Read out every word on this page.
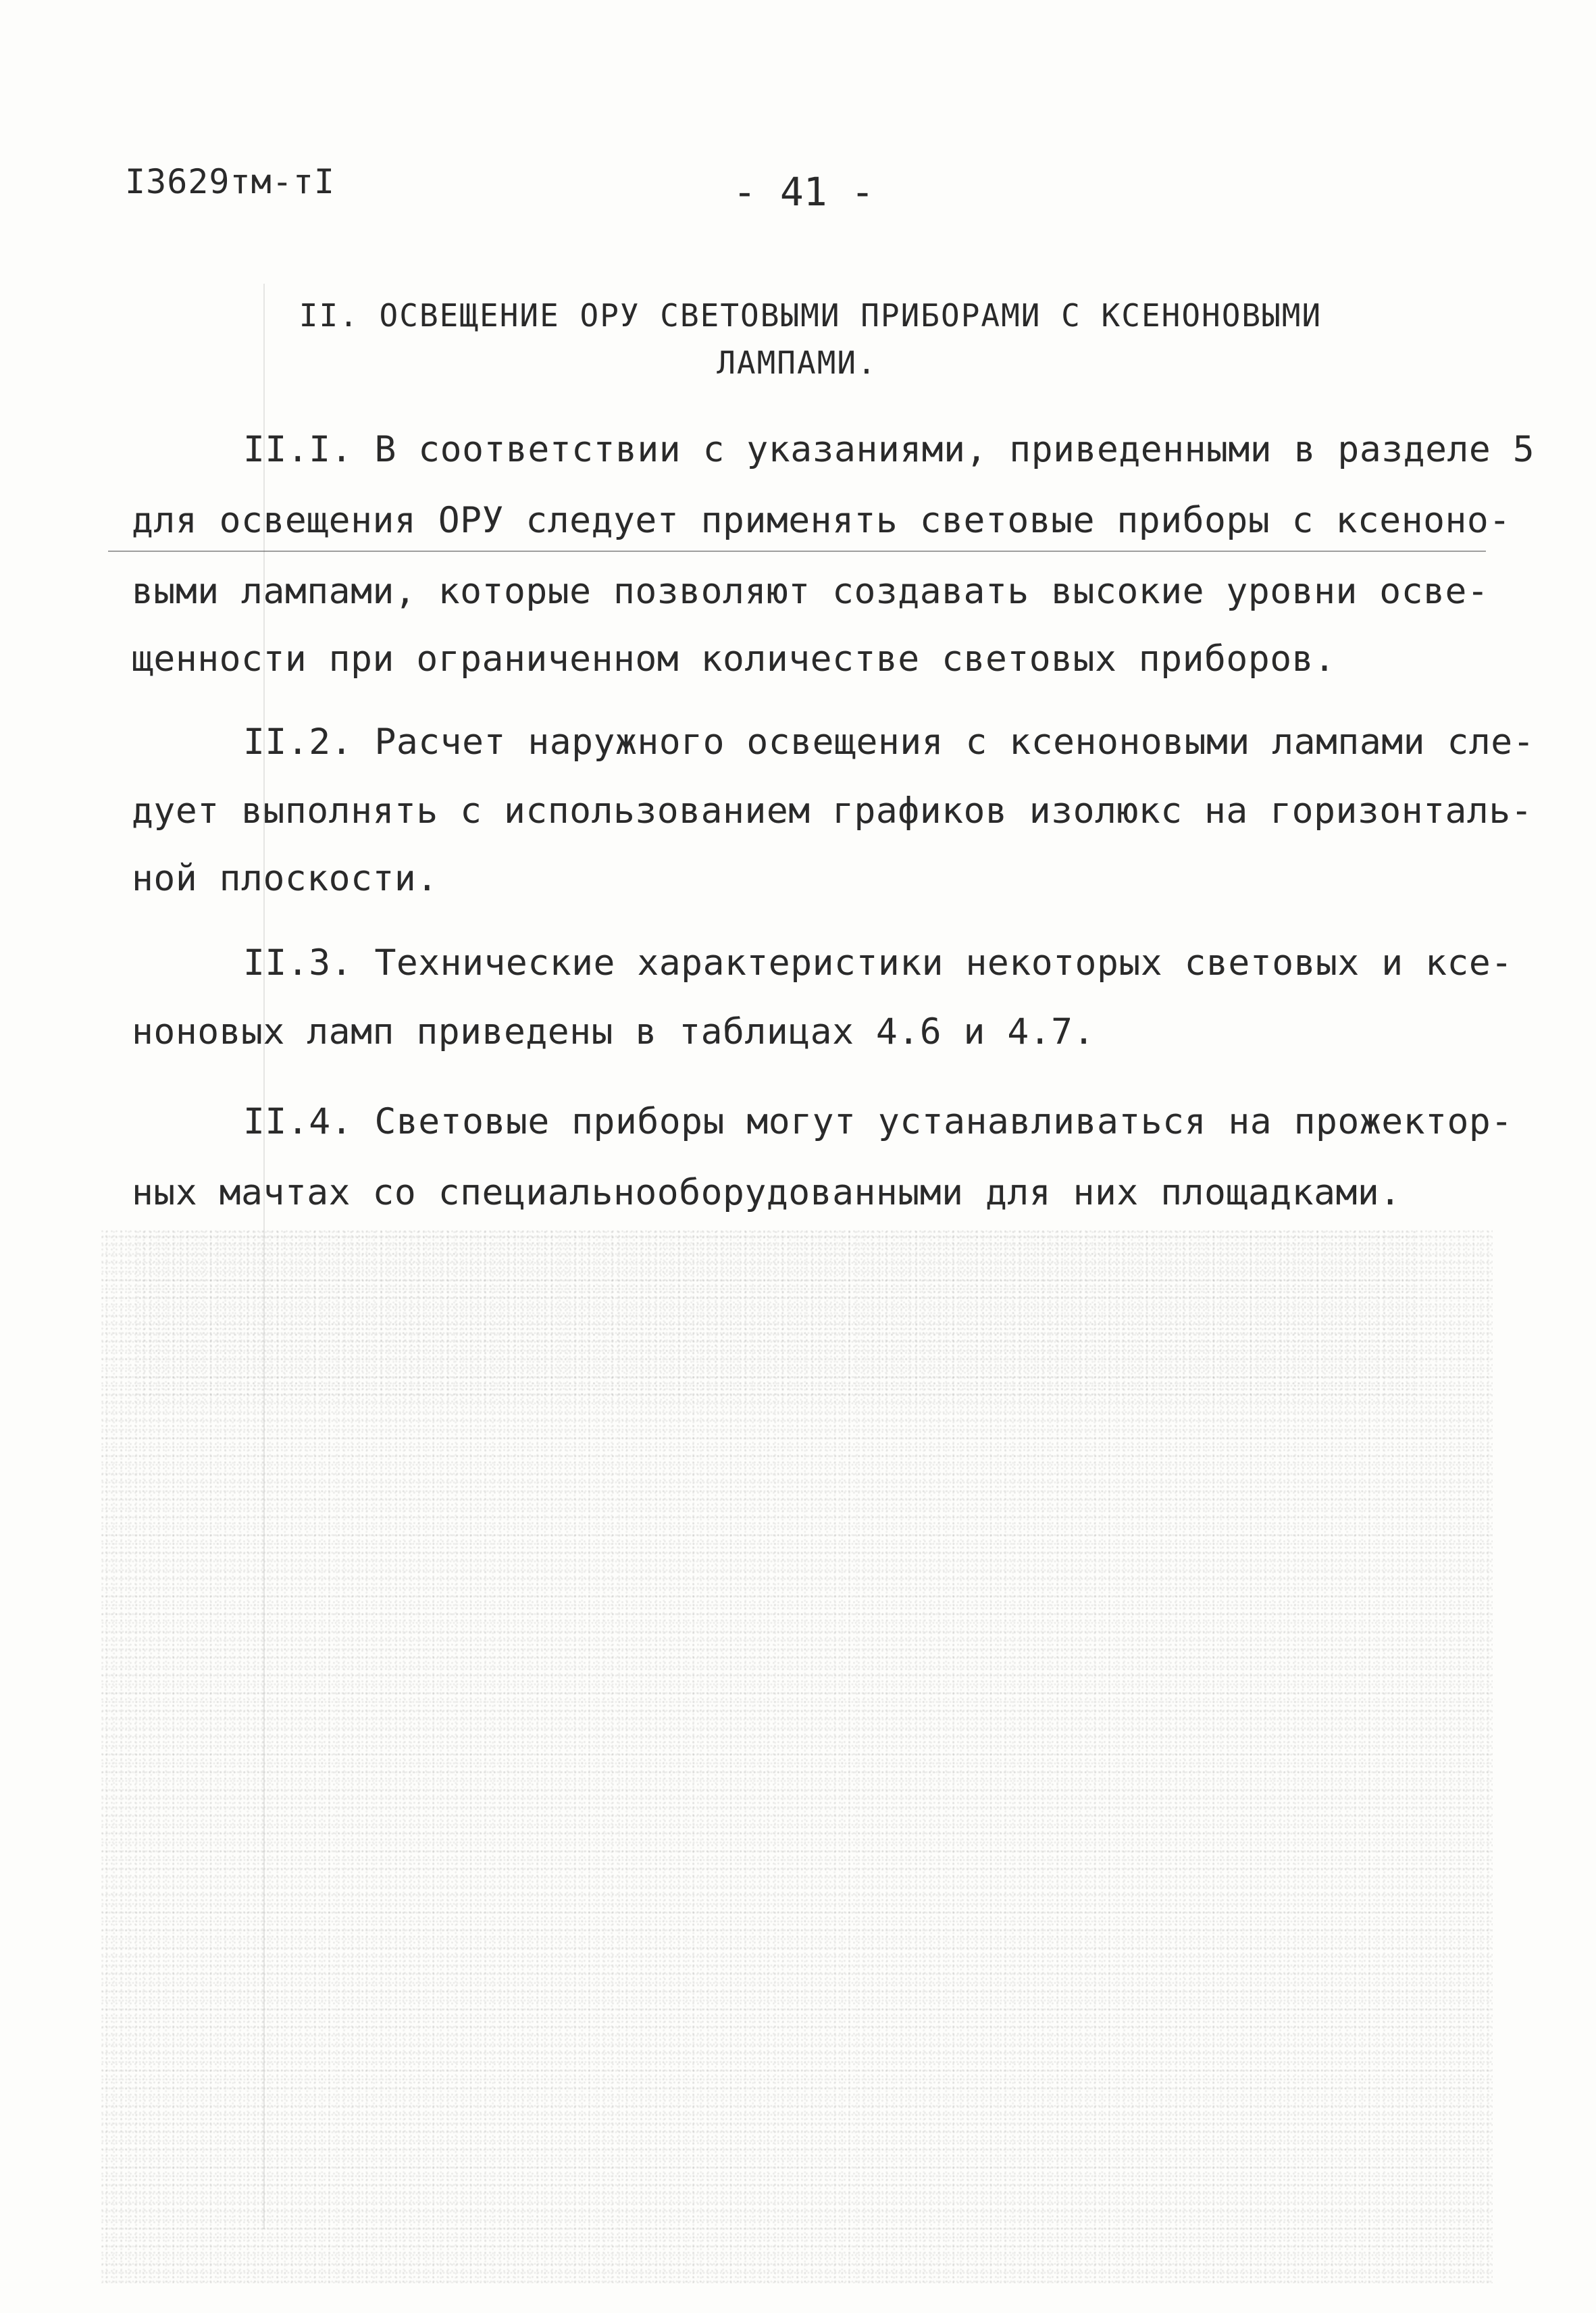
I3629тм-тI	- 41 -
II. ОСВЕЩЕНИЕ ОРУ СВЕТОВЫМИ ПРИБОРАМИ С КСЕНОНОВЫМИ
ЛАМПАМИ.
II.I. В соответствии с указаниями, приведенными в разделе 5
для освещения ОРУ следует применять световые приборы с ксеноно-
выми лампами, которые позволяют создавать высокие уровни осве-
щенности при ограниченном количестве световых приборов.
II.2. Расчет наружного освещения с ксеноновыми лампами сле-
дует выполнять с использованием графиков изолюкс на горизонталь-
ной плоскости.
II.3. Технические характеристики некоторых световых и ксе-
ноновых ламп приведены в таблицах 4.6 и 4.7.
II.4. Световые приборы могут устанавливаться на прожектор-
ных мачтах со специальнооборудованными для них площадками.
